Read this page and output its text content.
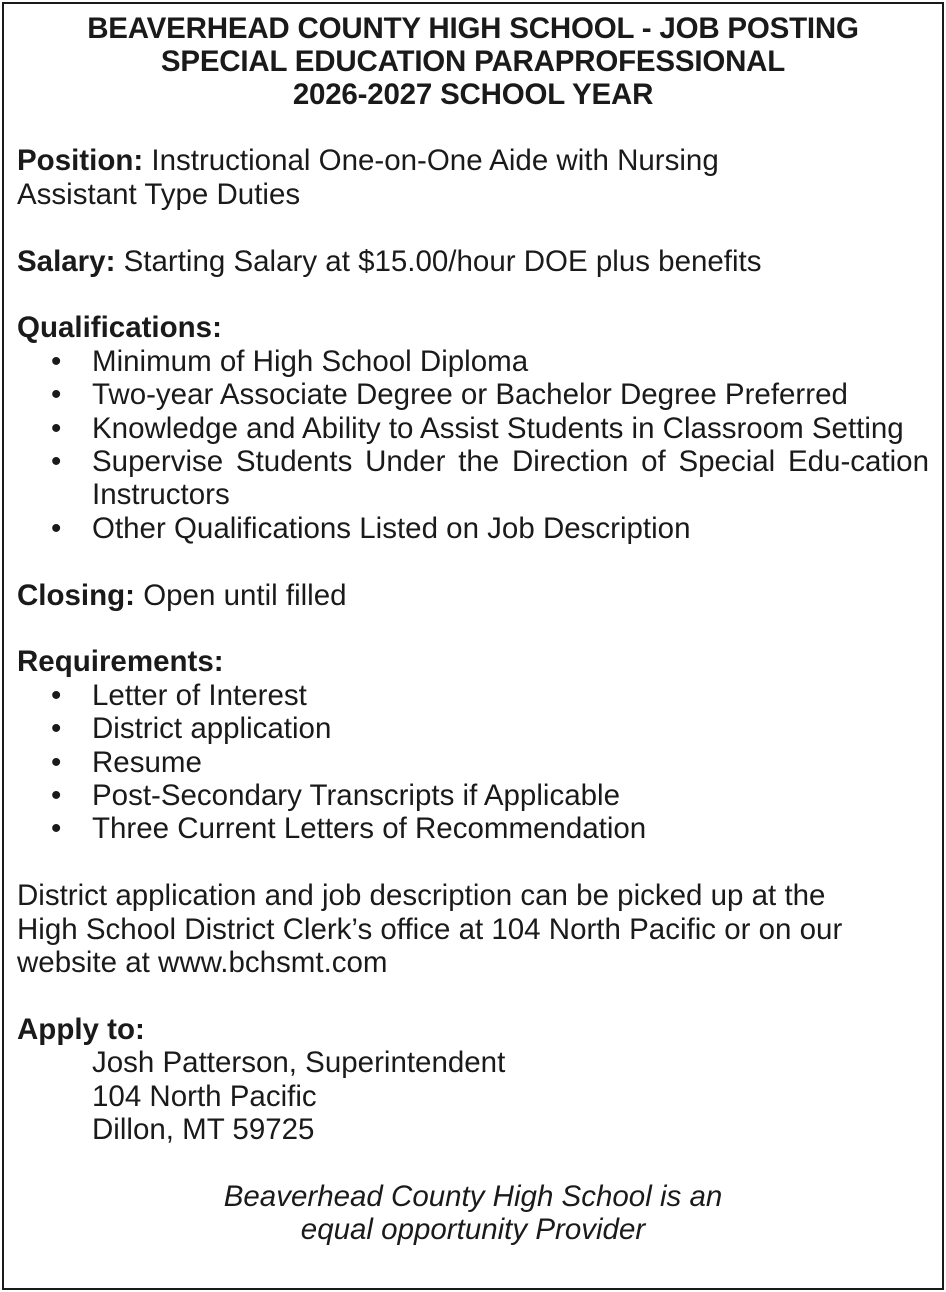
BEAVERHEAD COUNTY HIGH SCHOOL - JOB POSTING
SPECIAL EDUCATION PARAPROFESSIONAL
2026-2027 SCHOOL YEAR
Position: Instructional One-on-One Aide with Nursing
Assistant Type Duties
Salary: Starting Salary at $15.00/hour DOE plus benefits
Qualifications:
• Minimum of High School Diploma
• Two-year Associate Degree or Bachelor Degree Preferred
• Knowledge and Ability to Assist Students in Classroom Setting
• Supervise Students Under the Direction of Special Edu-cation Instructors
• Other Qualifications Listed on Job Description
Closing: Open until filled
Requirements:
• Letter of Interest
• District application
• Resume
• Post-Secondary Transcripts if Applicable
• Three Current Letters of Recommendation
District application and job description can be picked up at the
High School District Clerk’s office at 104 North Pacific or on our
website at www.bchsmt.com
Apply to:
Josh Patterson, Superintendent
104 North Pacific
Dillon, MT 59725
Beaverhead County High School is an
equal opportunity Provider
